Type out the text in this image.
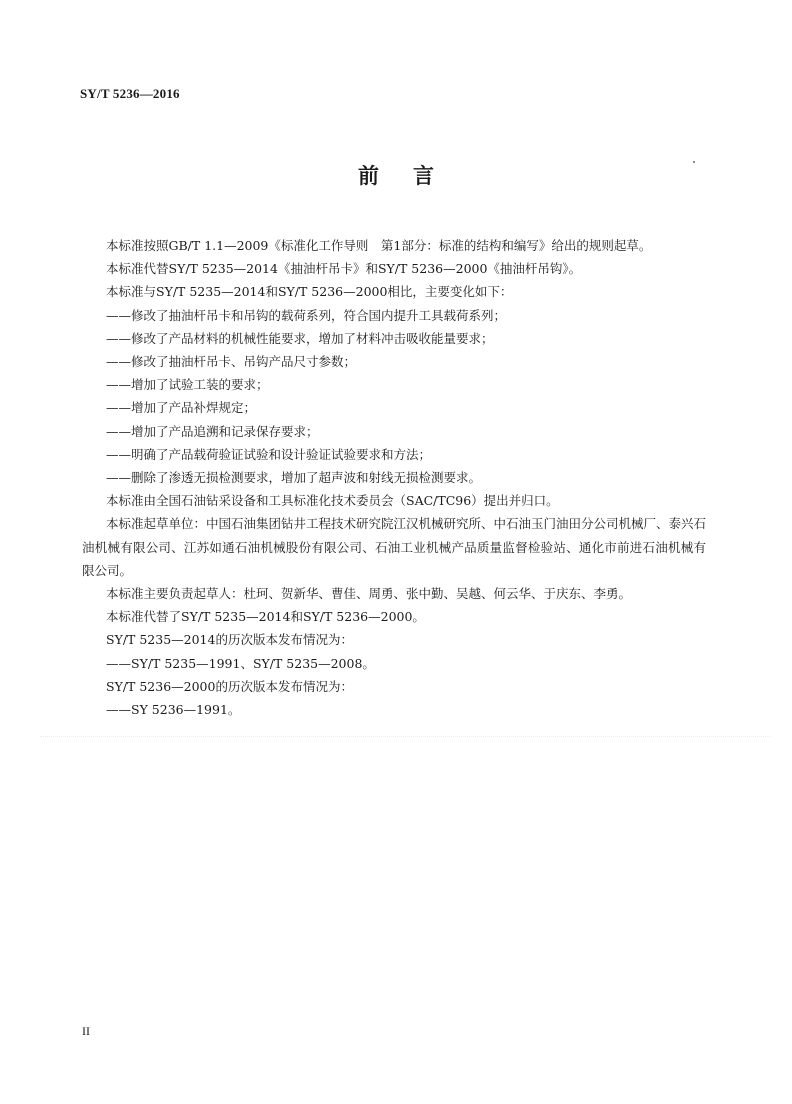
SY/T 5236—2016
前言

本标准按照GB/T 1.1—2009《标准化工作导则　第1部分：标准的结构和编写》给出的规则起草。

本标准代替SY/T 5235—2014《抽油杆吊卡》和SY/T 5236—2000《抽油杆吊钩》。

本标准与SY/T 5235—2014和SY/T 5236—2000相比，主要变化如下：

——修改了抽油杆吊卡和吊钩的载荷系列，符合国内提升工具载荷系列；

——修改了产品材料的机械性能要求，增加了材料冲击吸收能量要求；

——修改了抽油杆吊卡、吊钩产品尺寸参数；

——增加了试验工装的要求；

——增加了产品补焊规定；

——增加了产品追溯和记录保存要求；

——明确了产品载荷验证试验和设计验证试验要求和方法；

——删除了渗透无损检测要求，增加了超声波和射线无损检测要求。

本标准由全国石油钻采设备和工具标准化技术委员会（SAC/TC96）提出并归口。

本标准起草单位：中国石油集团钻井工程技术研究院江汉机械研究所、中石油玉门油田分公司机械厂、泰兴石油机械有限公司、江苏如通石油机械股份有限公司、石油工业机械产品质量监督检验站、通化市前进石油机械有限公司。

本标准主要负责起草人：杜珂、贺新华、曹佳、周勇、张中勤、吴越、何云华、于庆东、李勇。

本标准代替了SY/T 5235—2014和SY/T 5236—2000。

SY/T 5235—2014的历次版本发布情况为：

——SY/T 5235—1991、SY/T 5235—2008。

SY/T 5236—2000的历次版本发布情况为：

——SY 5236—1991。

II
